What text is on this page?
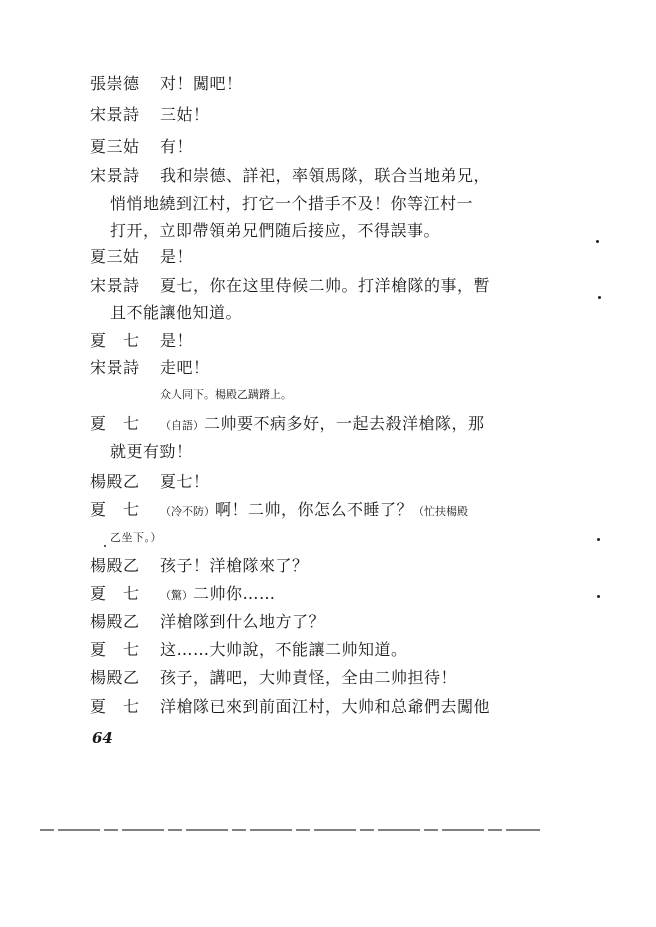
張崇德 对！闖吧！
宋景詩 三姑！
夏三姑 有！
宋景詩 我和崇德、詳祀，率領馬隊，联合当地弟兄，
悄悄地繞到江村，打它一个措手不及！你等江村一
打开，立即帶領弟兄們随后接应，不得誤事。
夏三姑 是！
宋景詩 夏七，你在这里侍候二帅。打洋槍隊的事，暫
且不能讓他知道。
夏　七 是！
宋景詩 走吧！
众人同下。楊殿乙蹒蹐上。
夏　七 （自語）二帅要不病多好，一起去殺洋槍隊，那
就更有勁！
楊殿乙 夏七！
夏　七 （冷不防）啊！二帅，你怎么不睡了？（忙扶楊殿
乙坐下。）
楊殿乙 孩子！洋槍隊來了？
夏　七 （驚）二帅你……
楊殿乙 洋槍隊到什么地方了？
夏　七 这……大帅說，不能讓二帅知道。
楊殿乙 孩子，講吧，大帅責怪，全由二帅担待！
夏　七 洋槍隊已來到前面江村，大帅和总爺們去闖他
64
